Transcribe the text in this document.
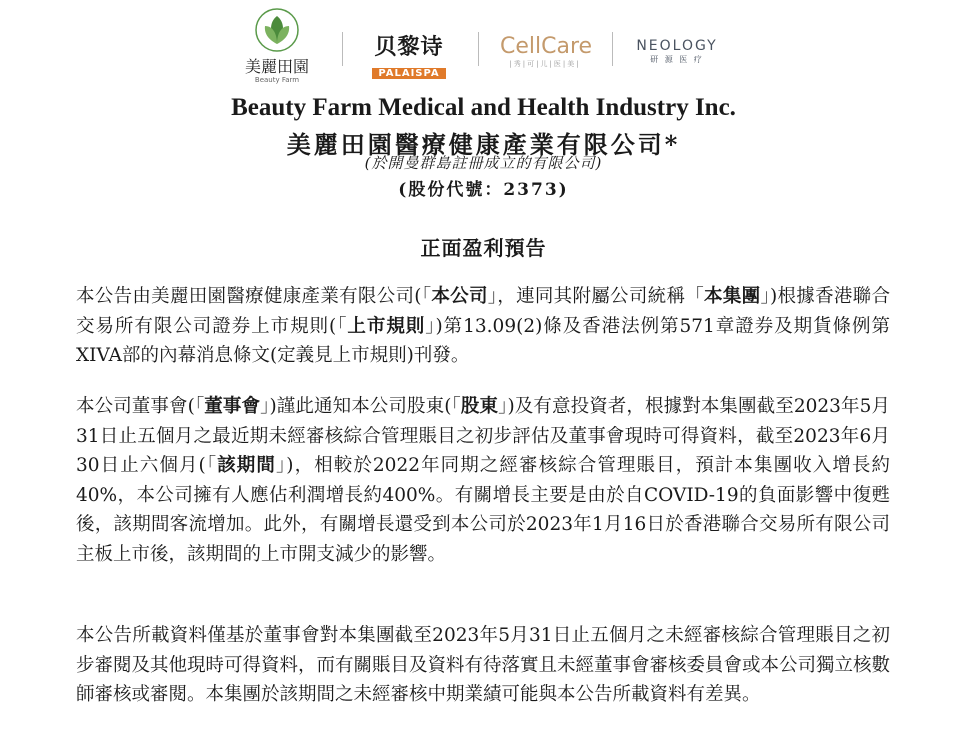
美麗田園
Beauty Farm
贝黎诗
PALAISPA
CellCare
|秀|可|儿|医|美|
NEOLOGY
研 源 医 疗
Beauty Farm Medical and Health Industry Inc.
美麗田園醫療健康產業有限公司*
(於開曼群島註冊成立的有限公司)
(股份代號：2373)
正面盈利預告
本公告由美麗田園醫療健康產業有限公司(「本公司」，連同其附屬公司統稱「本集團」)根據香港聯合交易所有限公司證券上市規則(「上市規則」)第13.09(2)條及香港法例第571章證券及期貨條例第XIVA部的內幕消息條文(定義見上市規則)刊發。
本公司董事會(「董事會」)謹此通知本公司股東(「股東」)及有意投資者，根據對本集團截至2023年5月31日止五個月之最近期未經審核綜合管理賬目之初步評估及董事會現時可得資料，截至2023年6月30日止六個月(「該期間」)，相較於2022年同期之經審核綜合管理賬目，預計本集團收入增長約40%，本公司擁有人應佔利潤增長約400%。有關增長主要是由於自COVID-19的負面影響中復甦後，該期間客流增加。此外，有關增長還受到本公司於2023年1月16日於香港聯合交易所有限公司主板上市後，該期間的上市開支減少的影響。
本公告所載資料僅基於董事會對本集團截至2023年5月31日止五個月之未經審核綜合管理賬目之初步審閱及其他現時可得資料，而有關賬目及資料有待落實且未經董事會審核委員會或本公司獨立核數師審核或審閱。本集團於該期間之未經審核中期業績可能與本公告所載資料有差異。
